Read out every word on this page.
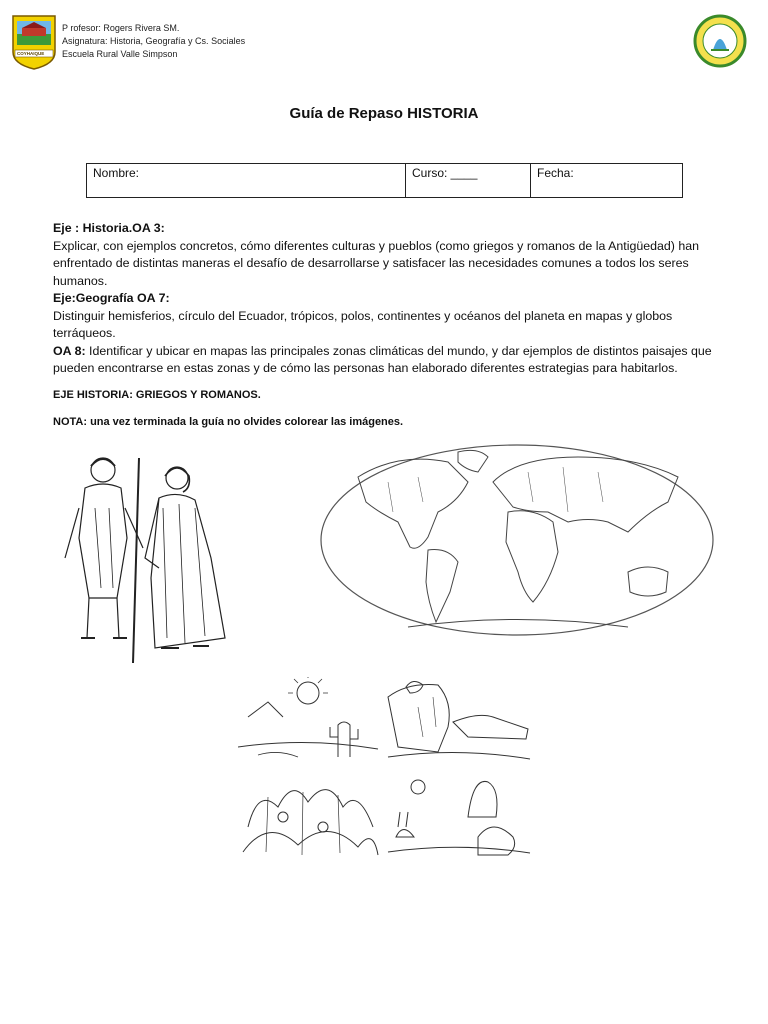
COYHAIQUE
P rofesor: Rogers Rivera SM.
Asignatura: Historia, Geografía y Cs. Sociales
Escuela Rural Valle Simpson
Guía de Repaso HISTORIA
Nombre:	Curso: ____	Fecha:

Eje : Historia.OA 3:

Explicar, con ejemplos concretos, cómo diferentes culturas y pueblos (como griegos y romanos de la Antigüedad) han enfrentado de distintas maneras el desafío de desarrollarse y satisfacer las necesidades comunes a todos los seres humanos.

Eje:Geografía OA 7:

Distinguir hemisferios, círculo del Ecuador, trópicos, polos, continentes y océanos del planeta en mapas y globos terráqueos.

OA 8: Identificar y ubicar en mapas las principales zonas climáticas del mundo, y dar ejemplos de distintos paisajes que pueden encontrarse en estas zonas y de cómo las personas han elaborado diferentes estrategias para habitarlos.

EJE HISTORIA: GRIEGOS Y ROMANOS.
NOTA: una vez terminada la guía no olvides colorear las imágenes.
